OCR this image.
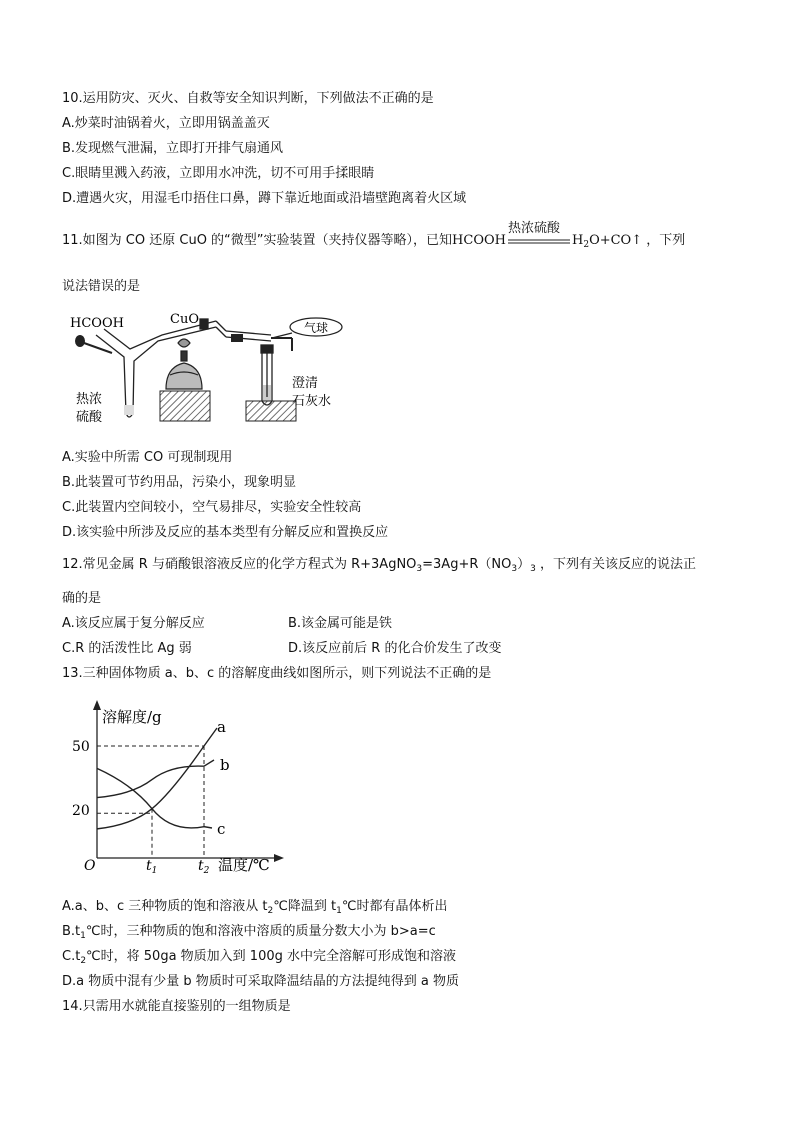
10.运用防灾、灭火、自救等安全知识判断，下列做法不正确的是
A.炒菜时油锅着火，立即用锅盖盖灭
B.发现燃气泄漏，立即打开排气扇通风
C.眼睛里溅入药液，立即用水冲洗，切不可用手揉眼睛
D.遭遇火灾，用湿毛巾捂住口鼻，蹲下靠近地面或沿墙壁跑离着火区域
11.如图为 CO 还原 CuO 的“微型”实验装置（夹持仪器等略），已知HCOOH
热浓硫酸
$H_2O+CO↑$ ，下列
说法错误的是
HCOOH	CuO
气球
热浓
硫酸
澄清
石灰水
A.实验中所需 CO 可现制现用
B.此装置可节约用品，污染小，现象明显
C.此装置内空间较小，空气易排尽，实验安全性较高
D.该实验中所涉及反应的基本类型有分解反应和置换反应
12.常见金属 R 与硝酸银溶液反应的化学方程式为 $R+3AgNO_3=3Ag+R(NO_3)_3$ ，下列有关该反应的说法正
确的是
A.该反应属于复分解反应	B.该金属可能是铁
C.R 的活泼性比 Ag 弱	D.该反应前后 R 的化合价发生了改变
13.三种固体物质 a、b、c 的溶解度曲线如图所示，则下列说法不正确的是
溶解度/g
温度/℃
O
50
20
$t_1$	$t_2$
a
b
c
A.a、b、c 三种物质的饱和溶液从 $t_2℃$降温到 $t_1℃$时都有晶体析出
$B.t_1℃$时，三种物质的饱和溶液中溶质的质量分数大小为 b>a=c
$C.t_2℃$时，将 50ga 物质加入到 100g 水中完全溶解可形成饱和溶液
D.a 物质中混有少量 b 物质时可采取降温结晶的方法提纯得到 a 物质
14.只需用水就能直接鉴别的一组物质是
